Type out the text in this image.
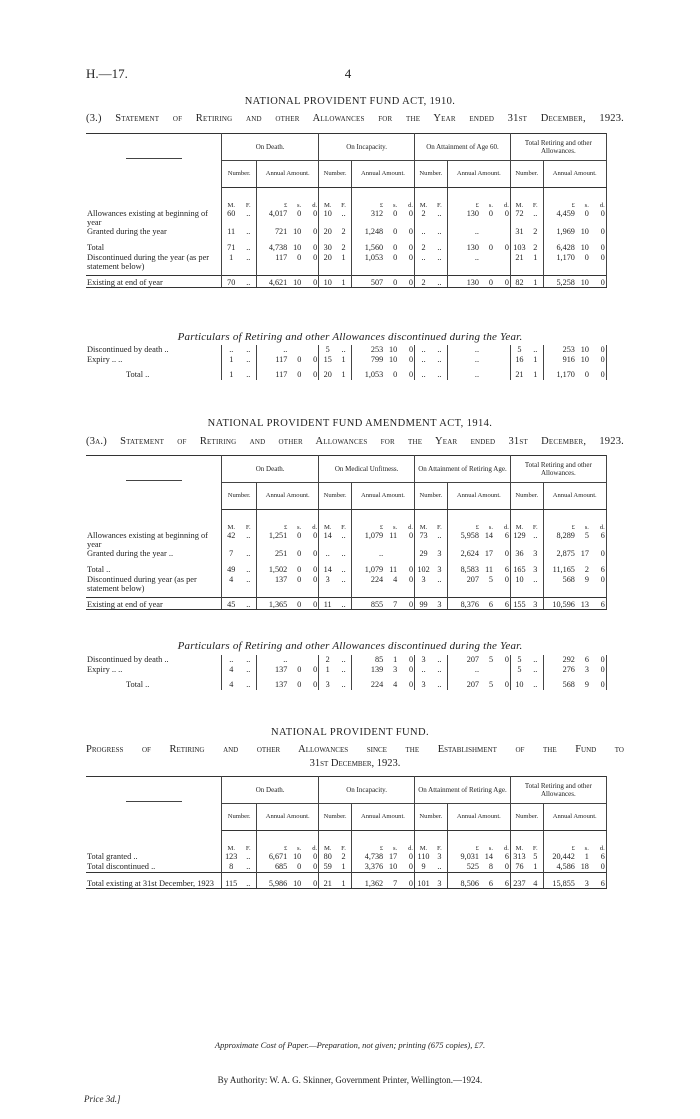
H.—17.	4
NATIONAL PROVIDENT FUND ACT, 1910.
(3.) Statement of Retiring and other Allowances for the Year ended 31st December, 1923.
	On Death.					On Incapacity.					On Attainment of Age 60.					Total Retiring and other Allowances.				
	Number.		Annual Amount.			Number.		Annual Amount.			Number.		Annual Amount.			Number.		Annual Amount.		
	M.	F.	£	s.	d.	M.	F.	£	s.	d.	M.	F.	£	s.	d.	M.	F.	£	s.	d.
Allowances existing at beginning of year	60	..	4,017	0	0	10	..	312	0	0	2	..	130	0	0	72	..	4,459	0	0
Granted during the year	11	..	721	10	0	20	2	1,248	0	0	..	..	..			31	2	1,969	10	0
Total	71	..	4,738	10	0	30	2	1,560	0	0	2	..	130	0	0	103	2	6,428	10	0
Discontinued during the year (as per statement below)	1	..	117	0	0	20	1	1,053	0	0	..	..	..			21	1	1,170	0	0

Existing at end of year	70	..	4,621	10	0	10	1	507	0	0	2	..	130	0	0	82	1	5,258	10	0
Particulars of Retiring and other Allowances discontinued during the Year.
Discontinued by death ..	..	..	..			5	..	253	10	0	..	..	..			5	..	253	10	0
Expiry .. ..	1	..	117	0	0	15	1	799	10	0	..	..	..			16	1	916	10	0
Total ..	1	..	117	0	0	20	1	1,053	0	0	..	..	..			21	1	1,170	0	0
NATIONAL PROVIDENT FUND AMENDMENT ACT, 1914.
(3a.) Statement of Retiring and other Allowances for the Year ended 31st December, 1923.
	On Death.					On Medical Unfitness.					On Attainment of Retiring Age.					Total Retiring and other Allowances.				
	Number.		Annual Amount.			Number.		Annual Amount.			Number.		Annual Amount.			Number.		Annual Amount.		
	M.	F.	£	s.	d.	M.	F.	£	s.	d.	M.	F.	£	s.	d.	M.	F.	£	s.	d.
Allowances existing at beginning of year	42	..	1,251	0	0	14	..	1,079	11	0	73	..	5,958	14	6	129	..	8,289	5	6
Granted during the year ..	7	..	251	0	0	..	..	..			29	3	2,624	17	0	36	3	2,875	17	0
Total ..	49	..	1,502	0	0	14	..	1,079	11	0	102	3	8,583	11	6	165	3	11,165	2	6
Discontinued during year (as per statement below)	4	..	137	0	0	3	..	224	4	0	3	..	207	5	0	10	..	568	9	0

Existing at end of year	45	..	1,365	0	0	11	..	855	7	0	99	3	8,376	6	6	155	3	10,596	13	6
Particulars of Retiring and other Allowances discontinued during the Year.
Discontinued by death ..	..	..	..			2	..	85	1	0	3	..	207	5	0	5	..	292	6	0
Expiry .. ..	4	..	137	0	0	1	..	139	3	0	..	..	..			5	..	276	3	0
Total ..	4	..	137	0	0	3	..	224	4	0	3	..	207	5	0	10	..	568	9	0
NATIONAL PROVIDENT FUND.
Progress of Retiring and other Allowances since the Establishment of the Fund to
31st December, 1923.
	On Death.					On Incapacity.					On Attainment of Retiring Age.					Total Retiring and other Allowances.				
	Number.		Annual Amount.			Number.		Annual Amount.			Number.		Annual Amount.			Number.		Annual Amount.		
	M.	F.	£	s.	d.	M.	F.	£	s.	d.	M.	F.	£	s.	d.	M.	F.	£	s.	d.
Total granted ..	123	..	6,671	10	0	80	2	4,738	17	0	110	3	9,031	14	6	313	5	20,442	1	6
Total discontinued ..	8	..	685	0	0	59	1	3,376	10	0	9	..	525	8	0	76	1	4,586	18	0
Total existing at 31st December, 1923	115	..	5,986	10	0	21	1	1,362	7	0	101	3	8,506	6	6	237	4	15,855	3	6
Approximate Cost of Paper.—Preparation, not given; printing (675 copies), £7.
By Authority: W. A. G. Skinner, Government Printer, Wellington.—1924.
Price 3d.]
